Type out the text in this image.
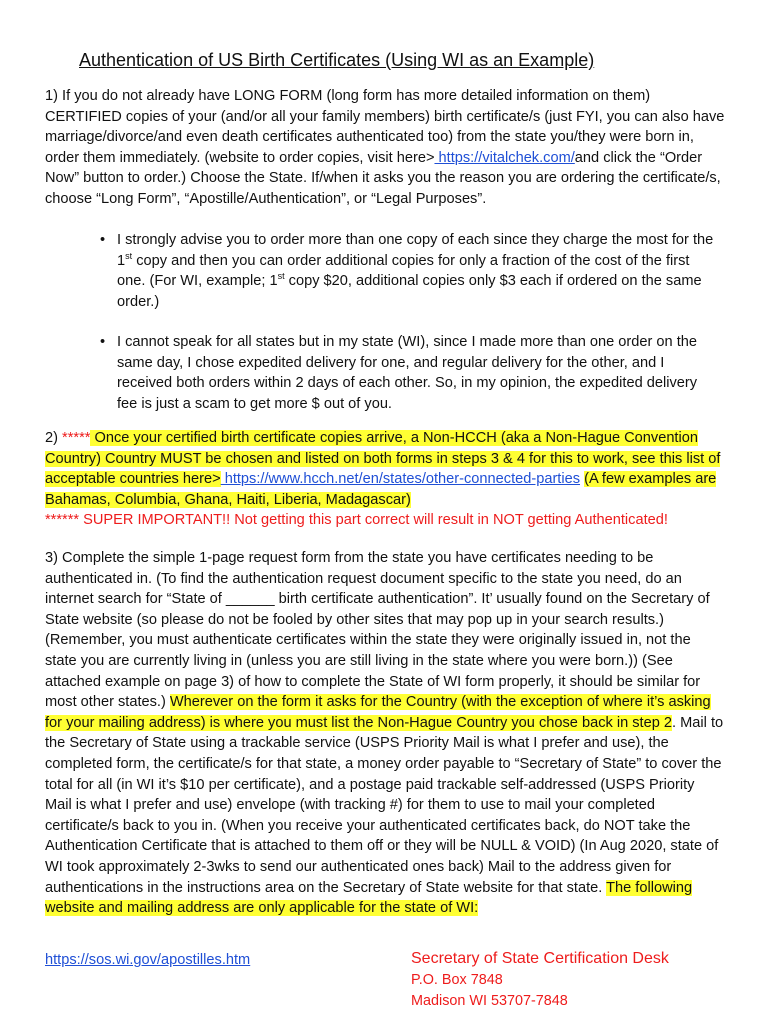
Authentication of US Birth Certificates (Using WI as an Example)

1) If you do not already have LONG FORM (long form has more detailed information on them) CERTIFIED copies of your (and/or all your family members) birth certificate/s (just FYI, you can also have marriage/divorce/and even death certificates authenticated too) from the state you/they were born in, order them immediately. (website to order copies, visit here> https://vitalchek.com/and click the “Order Now” button to order.) Choose the State. If/when it asks you the reason you are ordering the certificate/s, choose “Long Form”, “Apostille/Authentication”, or “Legal Purposes”.

• I strongly advise you to order more than one copy of each since they charge the most for the 1st copy and then you can order additional copies for only a fraction of the cost of the first one. (For WI, example; 1st copy $20, additional copies only $3 each if ordered on the same order.)
• I cannot speak for all states but in my state (WI), since I made more than one order on the same day, I chose expedited delivery for one, and regular delivery for the other, and I received both orders within 2 days of each other. So, in my opinion, the expedited delivery fee is just a scam to get more $ out of you.

2) ***** Once your certified birth certificate copies arrive, a Non-HCCH (aka a Non-Hague Convention Country) Country MUST be chosen and listed on both forms in steps 3 & 4 for this to work, see this list of acceptable countries here> https://www.hcch.net/en/states/other-connected-parties (A few examples are Bahamas, Columbia, Ghana, Haiti, Liberia, Madagascar)
****** SUPER IMPORTANT!! Not getting this part correct will result in NOT getting Authenticated!

3) Complete the simple 1-page request form from the state you have certificates needing to be authenticated in. (To find the authentication request document specific to the state you need, do an internet search for “State of ______ birth certificate authentication”. It’ usually found on the Secretary of State website (so please do not be fooled by other sites that may pop up in your search results.) (Remember, you must authenticate certificates within the state they were originally issued in, not the state you are currently living in (unless you are still living in the state where you were born.)) (See attached example on page 3) of how to complete the State of WI form properly, it should be similar for most other states.) Wherever on the form it asks for the Country (with the exception of where it’s asking for your mailing address) is where you must list the Non-Hague Country you chose back in step 2. Mail to the Secretary of State using a trackable service (USPS Priority Mail is what I prefer and use), the completed form, the certificate/s for that state, a money order payable to “Secretary of State” to cover the total for all (in WI it’s $10 per certificate), and a postage paid trackable self-addressed (USPS Priority Mail is what I prefer and use) envelope (with tracking #) for them to use to mail your completed certificate/s back to you in. (When you receive your authenticated certificates back, do NOT take the Authentication Certificate that is attached to them off or they will be NULL & VOID) (In Aug 2020, state of WI took approximately 2-3wks to send our authenticated ones back) Mail to the address given for authentications in the instructions area on the Secretary of State website for that state. The following website and mailing address are only applicable for the state of WI:

https://sos.wi.gov/apostilles.htm	Secretary of State Certification Desk
P.O. Box 7848
Madison WI 53707-7848
